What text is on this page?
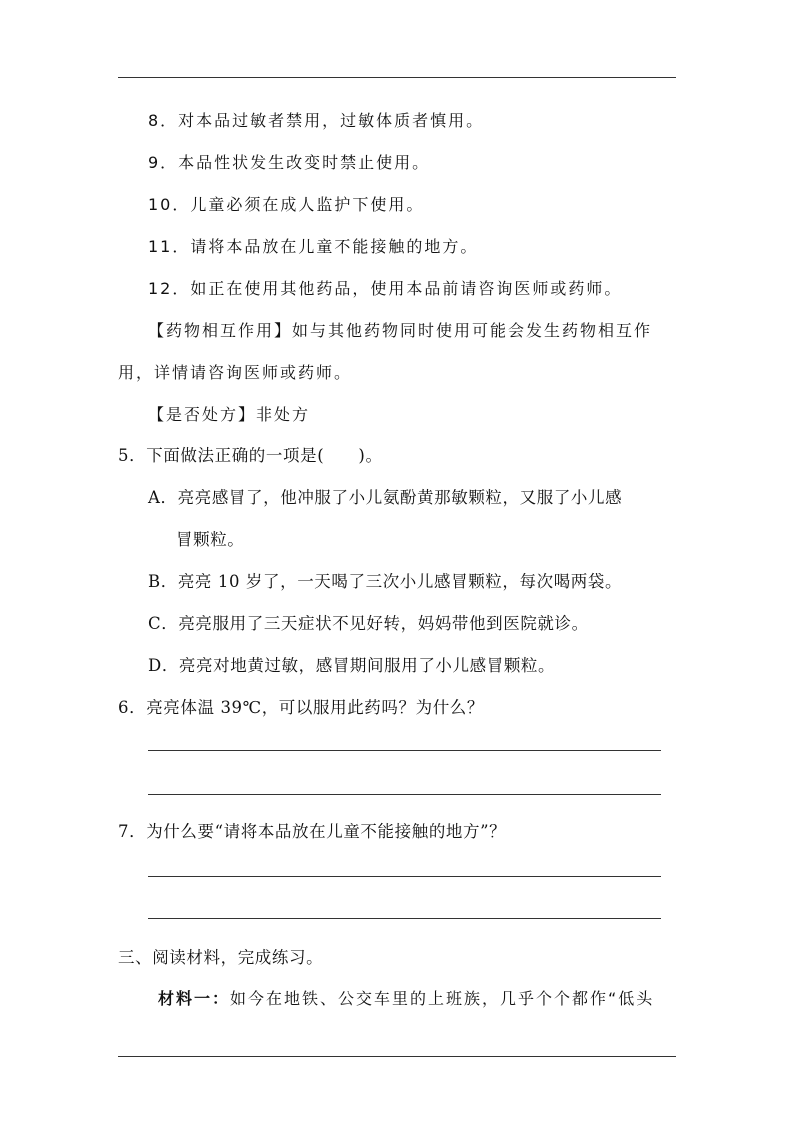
8．对本品过敏者禁用，过敏体质者慎用。
9．本品性状发生改变时禁止使用。
10．儿童必须在成人监护下使用。
11．请将本品放在儿童不能接触的地方。
12．如正在使用其他药品，使用本品前请咨询医师或药师。
【药物相互作用】如与其他药物同时使用可能会发生药物相互作
用，详情请咨询医师或药师。
【是否处方】非处方
5．下面做法正确的一项是(　　)。
A．亮亮感冒了，他冲服了小儿氨酚黄那敏颗粒，又服了小儿感
冒颗粒。
B．亮亮 10 岁了，一天喝了三次小儿感冒颗粒，每次喝两袋。
C．亮亮服用了三天症状不见好转，妈妈带他到医院就诊。
D．亮亮对地黄过敏，感冒期间服用了小儿感冒颗粒。
6．亮亮体温 39℃，可以服用此药吗？为什么？
7．为什么要“请将本品放在儿童不能接触的地方”？
三、阅读材料，完成练习。
材料一：如今在地铁、公交车里的上班族，几乎个个都作“低头
